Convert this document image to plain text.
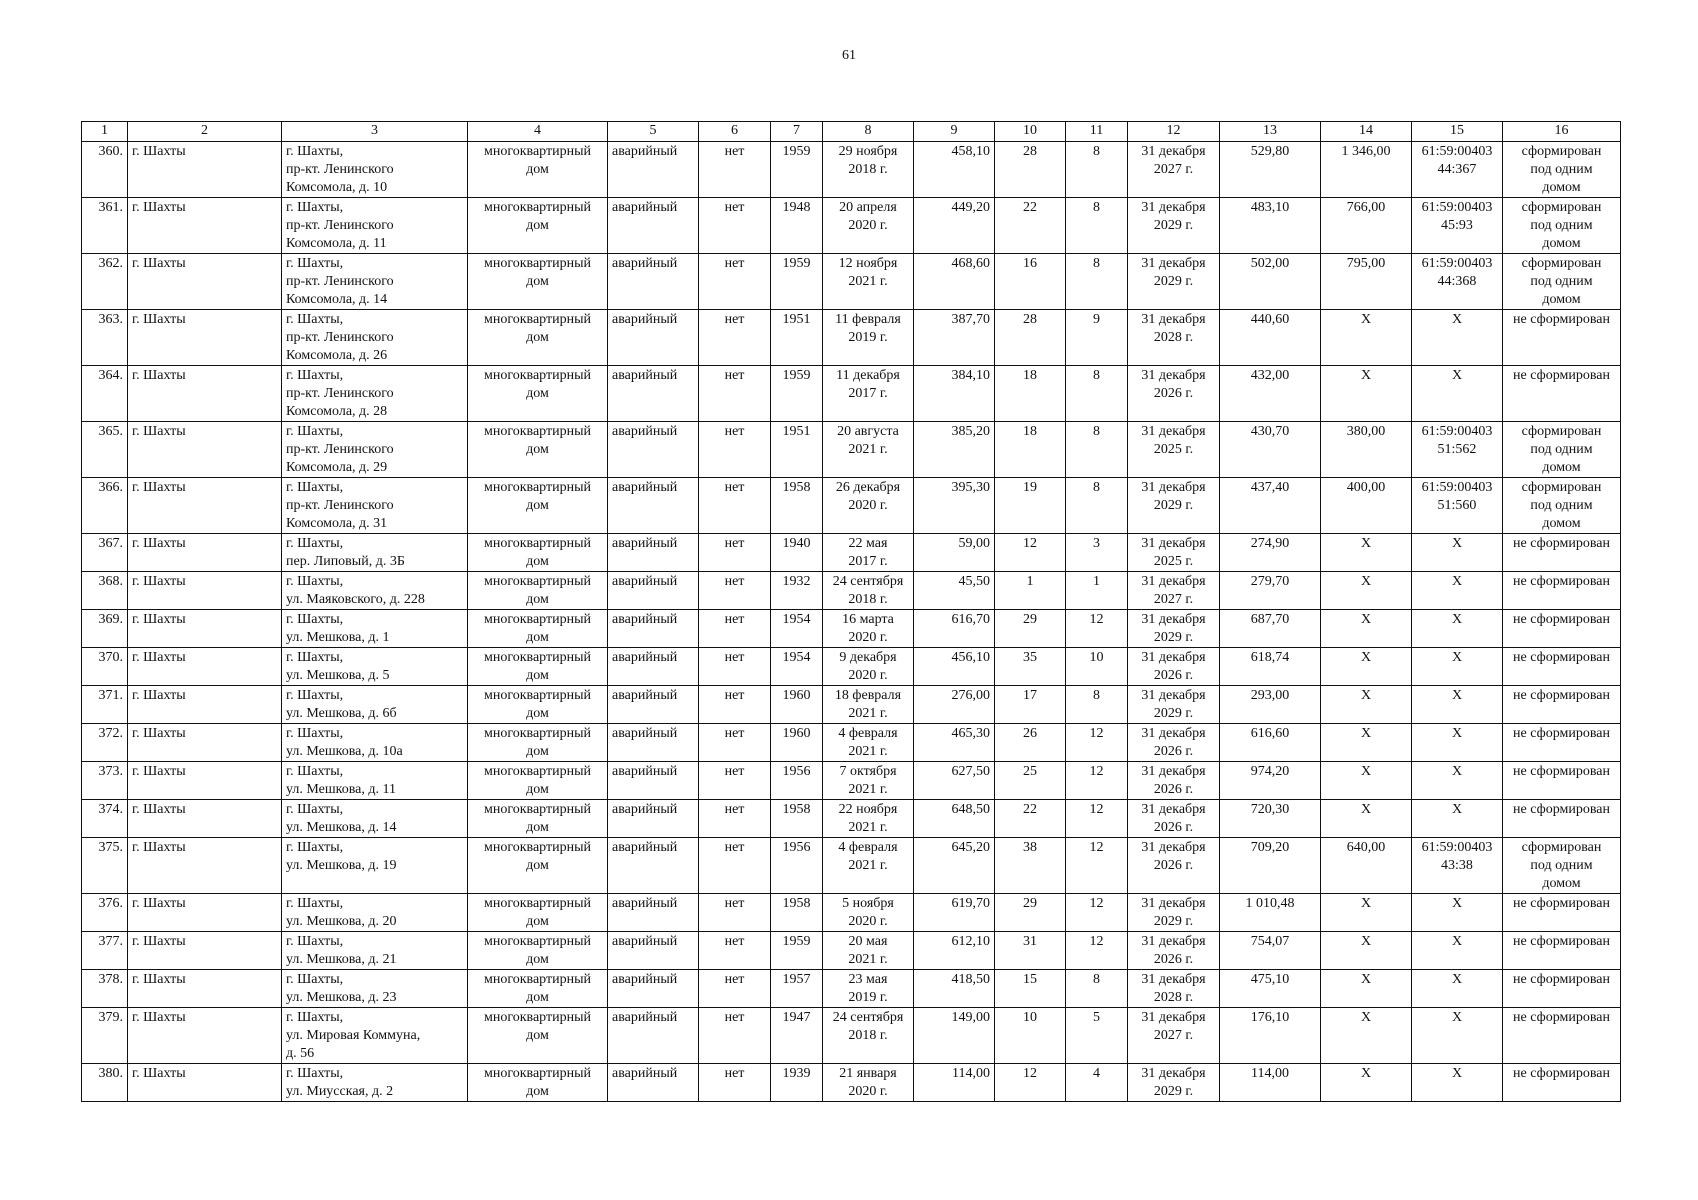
61
1	2	3	4	5	6	7	8	9	10	11	12	13	14	15	16
360.	г. Шахты	г. Шахты,
пр-кт. Ленинского
Комсомола, д. 10	многоквартирный
дом	аварийный	нет	1959	29 ноября
2018 г.	458,10	28	8	31 декабря
2027 г.	529,80	1 346,00	61:59:00403
44:367	сформирован
под одним
домом
361.	г. Шахты	г. Шахты,
пр-кт. Ленинского
Комсомола, д. 11	многоквартирный
дом	аварийный	нет	1948	20 апреля
2020 г.	449,20	22	8	31 декабря
2029 г.	483,10	766,00	61:59:00403
45:93	сформирован
под одним
домом
362.	г. Шахты	г. Шахты,
пр-кт. Ленинского
Комсомола, д. 14	многоквартирный
дом	аварийный	нет	1959	12 ноября
2021 г.	468,60	16	8	31 декабря
2029 г.	502,00	795,00	61:59:00403
44:368	сформирован
под одним
домом
363.	г. Шахты	г. Шахты,
пр-кт. Ленинского
Комсомола, д. 26	многоквартирный
дом	аварийный	нет	1951	11 февраля
2019 г.	387,70	28	9	31 декабря
2028 г.	440,60	X	X	не сформирован
364.	г. Шахты	г. Шахты,
пр-кт. Ленинского
Комсомола, д. 28	многоквартирный
дом	аварийный	нет	1959	11 декабря
2017 г.	384,10	18	8	31 декабря
2026 г.	432,00	X	X	не сформирован
365.	г. Шахты	г. Шахты,
пр-кт. Ленинского
Комсомола, д. 29	многоквартирный
дом	аварийный	нет	1951	20 августа
2021 г.	385,20	18	8	31 декабря
2025 г.	430,70	380,00	61:59:00403
51:562	сформирован
под одним
домом
366.	г. Шахты	г. Шахты,
пр-кт. Ленинского
Комсомола, д. 31	многоквартирный
дом	аварийный	нет	1958	26 декабря
2020 г.	395,30	19	8	31 декабря
2029 г.	437,40	400,00	61:59:00403
51:560	сформирован
под одним
домом
367.	г. Шахты	г. Шахты,
пер. Липовый, д. 3Б	многоквартирный
дом	аварийный	нет	1940	22 мая
2017 г.	59,00	12	3	31 декабря
2025 г.	274,90	X	X	не сформирован
368.	г. Шахты	г. Шахты,
ул. Маяковского, д. 228	многоквартирный
дом	аварийный	нет	1932	24 сентября
2018 г.	45,50	1	1	31 декабря
2027 г.	279,70	X	X	не сформирован
369.	г. Шахты	г. Шахты,
ул. Мешкова, д. 1	многоквартирный
дом	аварийный	нет	1954	16 марта
2020 г.	616,70	29	12	31 декабря
2029 г.	687,70	X	X	не сформирован
370.	г. Шахты	г. Шахты,
ул. Мешкова, д. 5	многоквартирный
дом	аварийный	нет	1954	9 декабря
2020 г.	456,10	35	10	31 декабря
2026 г.	618,74	X	X	не сформирован
371.	г. Шахты	г. Шахты,
ул. Мешкова, д. 6б	многоквартирный
дом	аварийный	нет	1960	18 февраля
2021 г.	276,00	17	8	31 декабря
2029 г.	293,00	X	X	не сформирован
372.	г. Шахты	г. Шахты,
ул. Мешкова, д. 10а	многоквартирный
дом	аварийный	нет	1960	4 февраля
2021 г.	465,30	26	12	31 декабря
2026 г.	616,60	X	X	не сформирован
373.	г. Шахты	г. Шахты,
ул. Мешкова, д. 11	многоквартирный
дом	аварийный	нет	1956	7 октября
2021 г.	627,50	25	12	31 декабря
2026 г.	974,20	X	X	не сформирован
374.	г. Шахты	г. Шахты,
ул. Мешкова, д. 14	многоквартирный
дом	аварийный	нет	1958	22 ноября
2021 г.	648,50	22	12	31 декабря
2026 г.	720,30	X	X	не сформирован
375.	г. Шахты	г. Шахты,
ул. Мешкова, д. 19	многоквартирный
дом	аварийный	нет	1956	4 февраля
2021 г.	645,20	38	12	31 декабря
2026 г.	709,20	640,00	61:59:00403
43:38	сформирован
под одним
домом
376.	г. Шахты	г. Шахты,
ул. Мешкова, д. 20	многоквартирный
дом	аварийный	нет	1958	5 ноября
2020 г.	619,70	29	12	31 декабря
2029 г.	1 010,48	X	X	не сформирован
377.	г. Шахты	г. Шахты,
ул. Мешкова, д. 21	многоквартирный
дом	аварийный	нет	1959	20 мая
2021 г.	612,10	31	12	31 декабря
2026 г.	754,07	X	X	не сформирован
378.	г. Шахты	г. Шахты,
ул. Мешкова, д. 23	многоквартирный
дом	аварийный	нет	1957	23 мая
2019 г.	418,50	15	8	31 декабря
2028 г.	475,10	X	X	не сформирован
379.	г. Шахты	г. Шахты,
ул. Мировая Коммуна,
д. 56	многоквартирный
дом	аварийный	нет	1947	24 сентября
2018 г.	149,00	10	5	31 декабря
2027 г.	176,10	X	X	не сформирован
380.	г. Шахты	г. Шахты,
ул. Миусская, д. 2	многоквартирный
дом	аварийный	нет	1939	21 января
2020 г.	114,00	12	4	31 декабря
2029 г.	114,00	X	X	не сформирован
